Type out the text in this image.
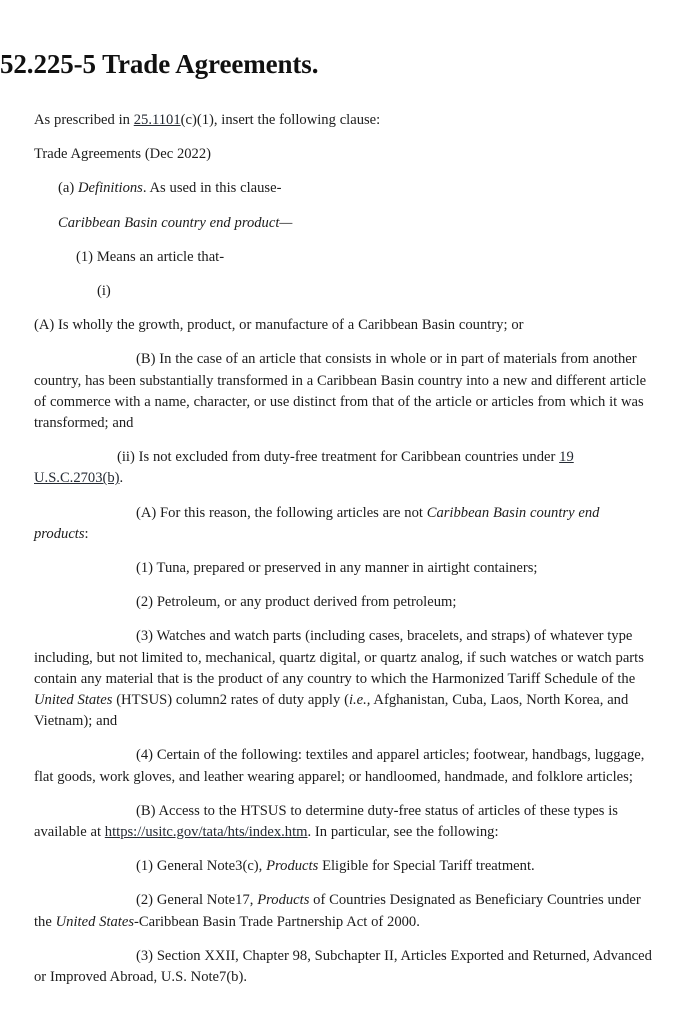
52.225-5 Trade Agreements.

As prescribed in 25.1101(c)(1), insert the following clause:

Trade Agreements (Dec 2022)

(a) Definitions. As used in this clause-

Caribbean Basin country end product—

(1) Means an article that-

(i)

(A) Is wholly the growth, product, or manufacture of a Caribbean Basin country; or

(B) In the case of an article that consists in whole or in part of materials from another country, has been substantially transformed in a Caribbean Basin country into a new and different article of commerce with a name, character, or use distinct from that of the article or articles from which it was transformed; and

(ii) Is not excluded from duty-free treatment for Caribbean countries under 19 U.S.C.2703(b).

(A) For this reason, the following articles are not Caribbean Basin country end products:

(1) Tuna, prepared or preserved in any manner in airtight containers;

(2) Petroleum, or any product derived from petroleum;

(3) Watches and watch parts (including cases, bracelets, and straps) of whatever type including, but not limited to, mechanical, quartz digital, or quartz analog, if such watches or watch parts contain any material that is the product of any country to which the Harmonized Tariff Schedule of the United States (HTSUS) column2 rates of duty apply (i.e., Afghanistan, Cuba, Laos, North Korea, and Vietnam); and

(4) Certain of the following: textiles and apparel articles; footwear, handbags, luggage, flat goods, work gloves, and leather wearing apparel; or handloomed, handmade, and folklore articles;

(B) Access to the HTSUS to determine duty-free status of articles of these types is available at https://usitc.gov/tata/hts/index.htm. In particular, see the following:

(1) General Note3(c), Products Eligible for Special Tariff treatment.

(2) General Note17, Products of Countries Designated as Beneficiary Countries under the United States-Caribbean Basin Trade Partnership Act of 2000.

(3) Section XXII, Chapter 98, Subchapter II, Articles Exported and Returned, Advanced or Improved Abroad, U.S. Note7(b).
